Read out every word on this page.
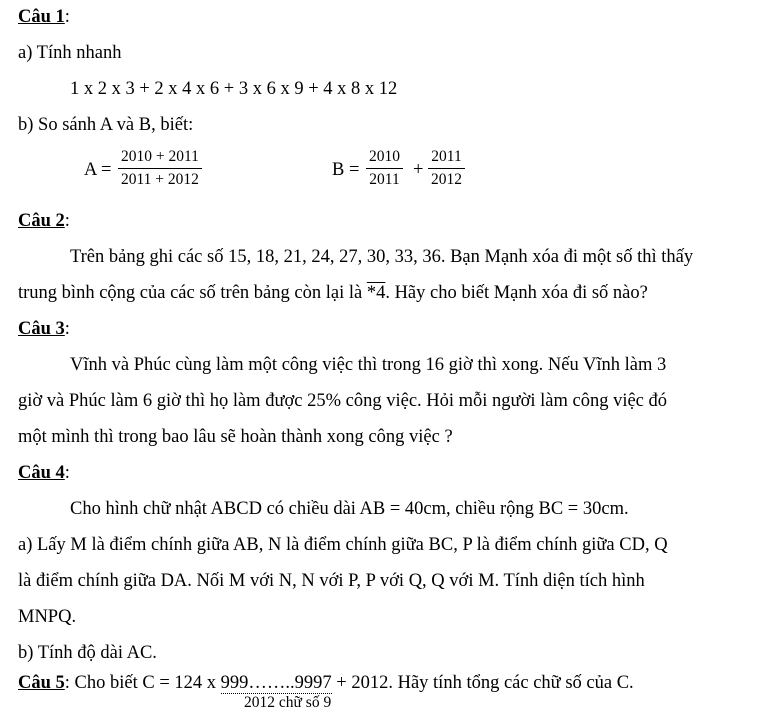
Câu 1:
a) Tính nhanh
1 x 2 x 3 + 2 x 4 x 6 + 3 x 6 x 9 + 4 x 8 x 12
b) So sánh A và B, biết:
A =
2010 + 2011
2011 + 2012	B =
2010
2011 +
2011
2012
Câu 2:
Trên bảng ghi các số 15, 18, 21, 24, 27, 30, 33, 36. Bạn Mạnh xóa đi một số thì thấy
trung bình cộng của các số trên bảng còn lại là *4. Hãy cho biết Mạnh xóa đi số nào?
Câu 3:
Vĩnh và Phúc cùng làm một công việc thì trong 16 giờ thì xong. Nếu Vĩnh làm 3
giờ và Phúc làm 6 giờ thì họ làm được 25% công việc. Hỏi mỗi người làm công việc đó
một mình thì trong bao lâu sẽ hoàn thành xong công việc ?
Câu 4:
Cho hình chữ nhật ABCD có chiều dài AB = 40cm, chiều rộng BC = 30cm.
a) Lấy M là điểm chính giữa AB, N là điểm chính giữa BC, P là điểm chính giữa CD, Q
là điểm chính giữa DA. Nối M với N, N với P, P với Q, Q với M. Tính diện tích hình
MNPQ.
b) Tính độ dài AC.
Câu 5: Cho biết C = 124 x 999……..9997 + 2012. Hãy tính tổng các chữ số của C.
2012 chữ số 9
